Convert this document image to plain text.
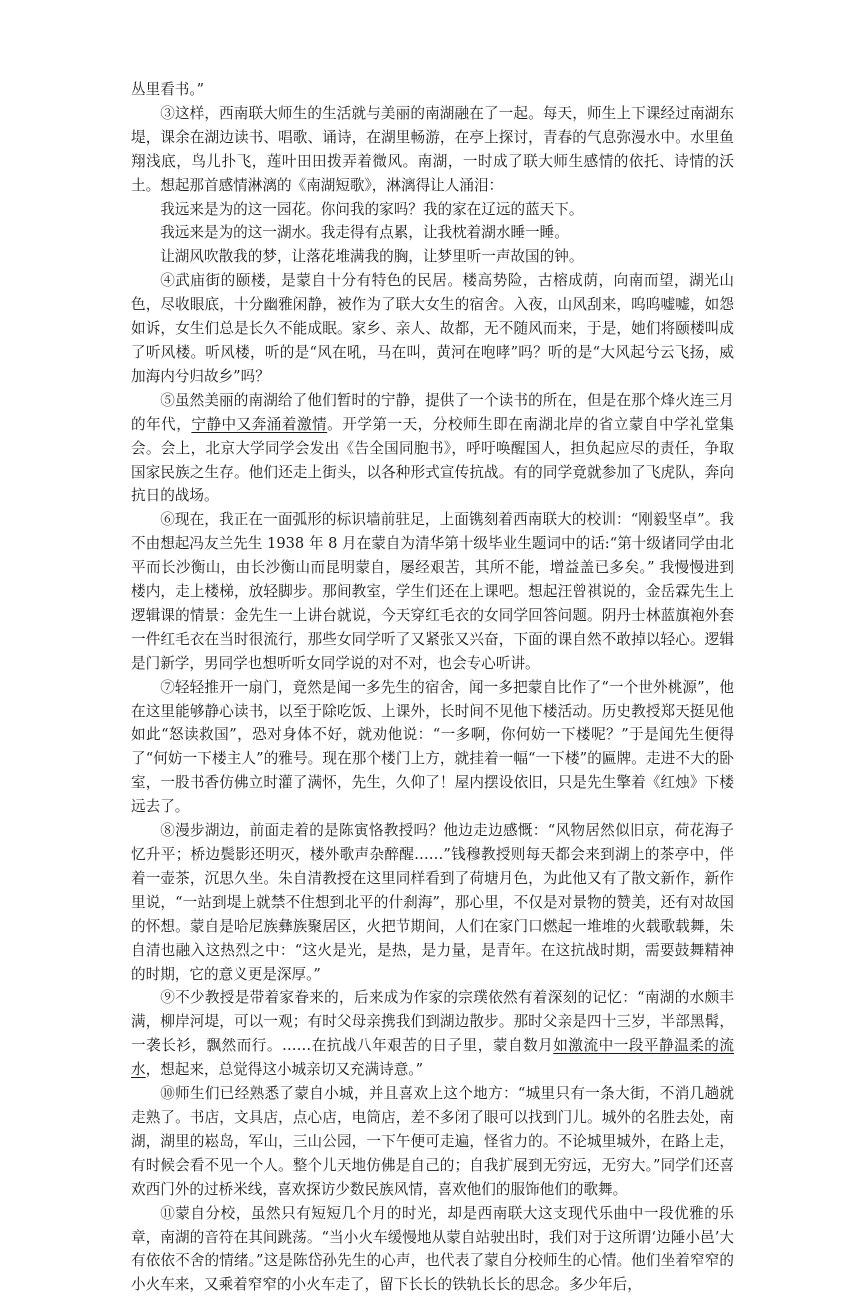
丛里看书。”

③这样，西南联大师生的生活就与美丽的南湖融在了一起。每天，师生上下课经过南湖东堤，课余在湖边读书、唱歌、诵诗，在湖里畅游，在亭上探讨，青春的气息弥漫水中。水里鱼翔浅底，鸟儿扑飞，莲叶田田拨弄着微风。南湖，一时成了联大师生感情的依托、诗情的沃土。想起那首感情淋漓的《南湖短歌》，淋漓得让人涌泪：

我远来是为的这一园花。你问我的家吗？我的家在辽远的蓝天下。

我远来是为的这一湖水。我走得有点累，让我枕着湖水睡一睡。

让湖风吹散我的梦，让落花堆满我的胸，让梦里听一声故国的钟。

④武庙街的颐楼，是蒙自十分有特色的民居。楼高势险，古榕成荫，向南而望，湖光山色，尽收眼底，十分幽雅闲静，被作为了联大女生的宿舍。入夜，山风刮来，呜呜嘘嘘，如怨如诉，女生们总是长久不能成眠。家乡、亲人、故都，无不随风而来，于是，她们将颐楼叫成了听风楼。听风楼，听的是“风在吼，马在叫，黄河在咆哮”吗？听的是“大风起兮云飞扬，威加海内兮归故乡”吗？

⑤虽然美丽的南湖给了他们暂时的宁静，提供了一个读书的所在，但是在那个烽火连三月的年代，宁静中又奔涌着激情。开学第一天，分校师生即在南湖北岸的省立蒙自中学礼堂集会。会上，北京大学同学会发出《告全国同胞书》，呼吁唤醒国人，担负起应尽的责任，争取国家民族之生存。他们还走上街头，以各种形式宣传抗战。有的同学竟就参加了飞虎队，奔向抗日的战场。

⑥现在，我正在一面弧形的标识墙前驻足，上面镌刻着西南联大的校训：“刚毅坚卓”。我不由想起冯友兰先生 1938 年 8 月在蒙自为清华第十级毕业生题词中的话:“第十级诸同学由北平而长沙衡山，由长沙衡山而昆明蒙自，屡经艰苦，其所不能，增益盖已多矣。” 我慢慢进到楼内，走上楼梯，放轻脚步。那间教室，学生们还在上课吧。想起汪曾祺说的，金岳霖先生上逻辑课的情景：金先生一上讲台就说，今天穿红毛衣的女同学回答问题。阴丹士林蓝旗袍外套一件红毛衣在当时很流行，那些女同学听了又紧张又兴奋，下面的课自然不敢掉以轻心。逻辑是门新学，男同学也想听听女同学说的对不对，也会专心听讲。

⑦轻轻推开一扇门，竟然是闻一多先生的宿舍，闻一多把蒙自比作了“一个世外桃源”，他在这里能够静心读书，以至于除吃饭、上课外，长时间不见他下楼活动。历史教授郑天挺见他如此“怒读救国”，恐对身体不好，就劝他说：“一多啊，你何妨一下楼呢？”于是闻先生便得了“何妨一下楼主人”的雅号。现在那个楼门上方，就挂着一幅“一下楼”的匾牌。走进不大的卧室，一股书香仿佛立时灌了满怀，先生，久仰了！屋内摆设依旧，只是先生擎着《红烛》下楼远去了。

⑧漫步湖边，前面走着的是陈寅恪教授吗？他边走边感慨：“风物居然似旧京，荷花海子忆升平；桥边鬓影还明灭，楼外歌声杂醉醒……”钱穆教授则每天都会来到湖上的茶亭中，伴着一壶茶，沉思久坐。朱自清教授在这里同样看到了荷塘月色，为此他又有了散文新作，新作里说，“一站到堤上就禁不住想到北平的什刹海”，那心里，不仅是对景物的赞美，还有对故国的怀想。蒙自是哈尼族彝族聚居区，火把节期间，人们在家门口燃起一堆堆的火载歌载舞，朱自清也融入这热烈之中：“这火是光，是热，是力量，是青年。在这抗战时期，需要鼓舞精神的时期，它的意义更是深厚。”

⑨不少教授是带着家眷来的，后来成为作家的宗璞依然有着深刻的记忆：“南湖的水颇丰满，柳岸河堤，可以一观；有时父母亲携我们到湖边散步。那时父亲是四十三岁，半部黑髯，一袭长衫，飘然而行。……在抗战八年艰苦的日子里，蒙自数月如激流中一段平静温柔的流水，想起来，总觉得这小城亲切又充满诗意。”

⑩师生们已经熟悉了蒙自小城，并且喜欢上这个地方：“城里只有一条大街，不消几趟就走熟了。书店，文具店，点心店，电筒店，差不多闭了眼可以找到门儿。城外的名胜去处，南湖，湖里的崧岛，军山，三山公园，一下午便可走遍，怪省力的。不论城里城外，在路上走，有时候会看不见一个人。整个儿天地仿佛是自己的；自我扩展到无穷远，无穷大。”同学们还喜欢西门外的过桥米线，喜欢探访少数民族风情，喜欢他们的服饰他们的歌舞。

⑪蒙自分校，虽然只有短短几个月的时光，却是西南联大这支现代乐曲中一段优雅的乐章，南湖的音符在其间跳荡。“当小火车缓慢地从蒙自站驶出时，我们对于这所谓‘边陲小邑’大有依依不舍的情绪。”这是陈岱孙先生的心声，也代表了蒙自分校师生的心情。他们坐着窄窄的小火车来，又乘着窄窄的小火车走了，留下长长的铁轨长长的思念。多少年后，
